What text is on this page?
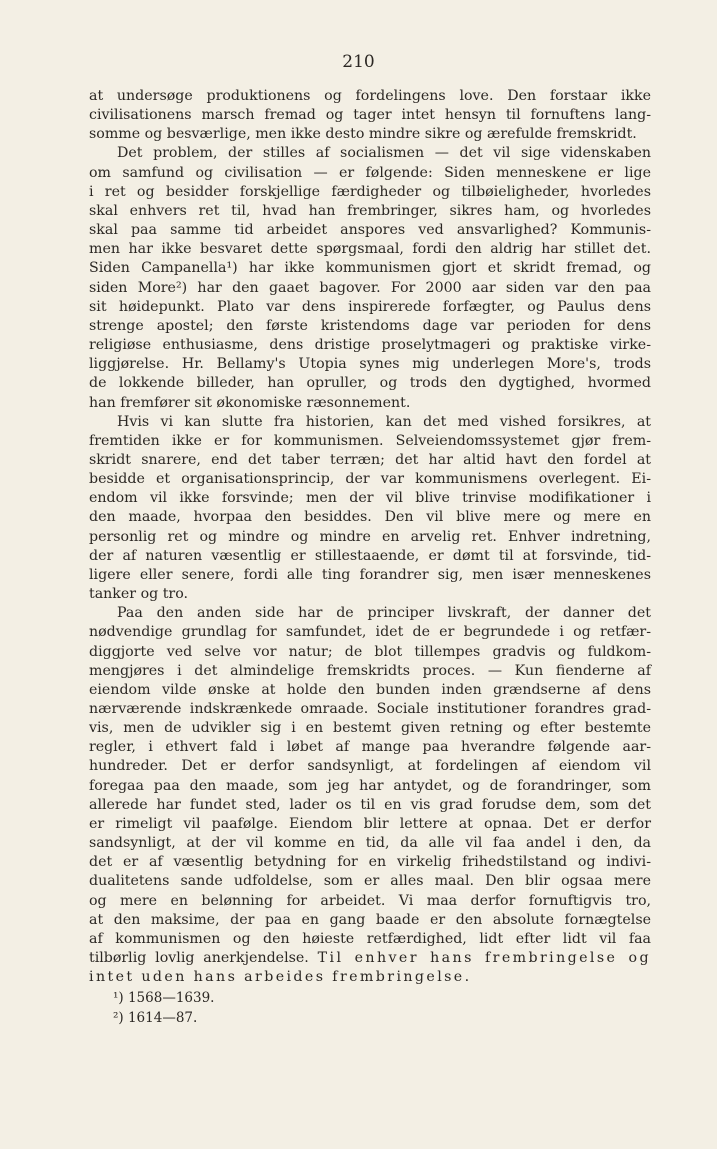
210
at undersøge produktionens og fordelingens love. Den forstaar ikke
civilisationens marsch fremad og tager intet hensyn til fornuftens lang-
somme og besværlige, men ikke desto mindre sikre og ærefulde fremskridt.
Det problem, der stilles af socialismen — det vil sige videnskaben
om samfund og civilisation — er følgende: Siden menneskene er lige
i ret og besidder forskjellige færdigheder og tilbøieligheder, hvorledes
skal enhvers ret til, hvad han frembringer, sikres ham, og hvorledes
skal paa samme tid arbeidet anspores ved ansvarlighed? Kommunis-
men har ikke besvaret dette spørgsmaal, fordi den aldrig har stillet det.
Siden Campanella¹) har ikke kommunismen gjort et skridt fremad, og
siden More²) har den gaaet bagover. For 2000 aar siden var den paa
sit høidepunkt. Plato var dens inspirerede forfægter, og Paulus dens
strenge apostel; den første kristendoms dage var perioden for dens
religiøse enthusiasme, dens dristige proselytmageri og praktiske virke-
liggjørelse. Hr. Bellamy's Utopia synes mig underlegen More's, trods
de lokkende billeder, han opruller, og trods den dygtighed, hvormed
han fremfører sit økonomiske ræsonnement.
Hvis vi kan slutte fra historien, kan det med vished forsikres, at
fremtiden ikke er for kommunismen. Selveiendomssystemet gjør frem-
skridt snarere, end det taber terræn; det har altid havt den fordel at
besidde et organisationsprincip, der var kommunismens overlegent. Ei-
endom vil ikke forsvinde; men der vil blive trinvise modifikationer i
den maade, hvorpaa den besiddes. Den vil blive mere og mere en
personlig ret og mindre og mindre en arvelig ret. Enhver indretning,
der af naturen væsentlig er stillestaaende, er dømt til at forsvinde, tid-
ligere eller senere, fordi alle ting forandrer sig, men især menneskenes
tanker og tro.
Paa den anden side har de principer livskraft, der danner det
nødvendige grundlag for samfundet, idet de er begrundede i og retfær-
diggjorte ved selve vor natur; de blot tillempes gradvis og fuldkom-
mengjøres i det almindelige fremskridts proces. — Kun fienderne af
eiendom vilde ønske at holde den bunden inden grændserne af dens
nærværende indskrænkede omraade. Sociale institutioner forandres grad-
vis, men de udvikler sig i en bestemt given retning og efter bestemte
regler, i ethvert fald i løbet af mange paa hverandre følgende aar-
hundreder. Det er derfor sandsynligt, at fordelingen af eiendom vil
foregaa paa den maade, som jeg har antydet, og de forandringer, som
allerede har fundet sted, lader os til en vis grad forudse dem, som det
er rimeligt vil paafølge. Eiendom blir lettere at opnaa. Det er derfor
sandsynligt, at der vil komme en tid, da alle vil faa andel i den, da
det er af væsentlig betydning for en virkelig frihedstilstand og indivi-
dualitetens sande udfoldelse, som er alles maal. Den blir ogsaa mere
og mere en belønning for arbeidet. Vi maa derfor fornuftigvis tro,
at den maksime, der paa en gang baade er den absolute fornægtelse
af kommunismen og den høieste retfærdighed, lidt efter lidt vil faa
tilbørlig lovlig anerkjendelse. Til enhver hans frembringelse og
intet uden hans arbeides frembringelse.
¹) 1568—1639.
²) 1614—87.
